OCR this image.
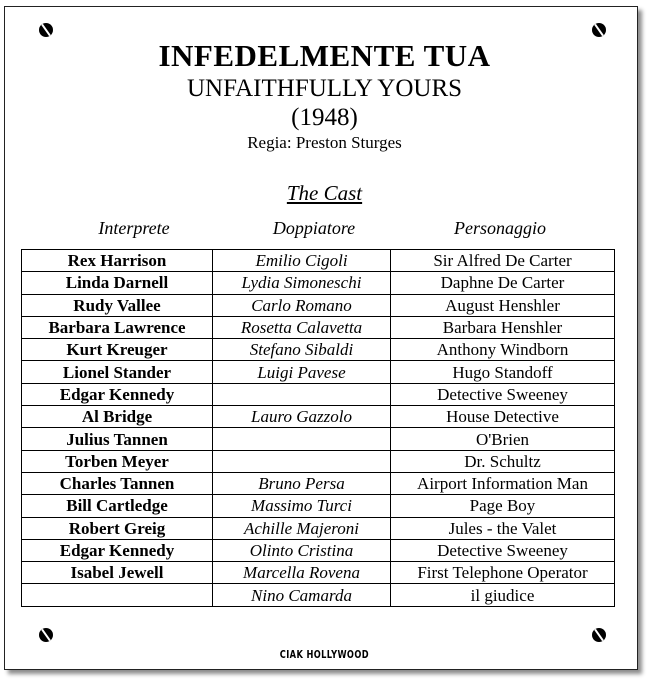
INFEDELMENTE TUA
UNFAITHFULLY YOURS
(1948)
Regia: Preston Sturges
The Cast
Interprete	Doppiatore	Personaggio
Rex Harrison	Emilio Cigoli	Sir Alfred De Carter
Linda Darnell	Lydia Simoneschi	Daphne De Carter
Rudy Vallee	Carlo Romano	August Henshler
Barbara Lawrence	Rosetta Calavetta	Barbara Henshler
Kurt Kreuger	Stefano Sibaldi	Anthony Windborn
Lionel Stander	Luigi Pavese	Hugo Standoff
Edgar Kennedy		Detective Sweeney
Al Bridge	Lauro Gazzolo	House Detective
Julius Tannen		O'Brien
Torben Meyer		Dr. Schultz
Charles Tannen	Bruno Persa	Airport Information Man
Bill Cartledge	Massimo Turci	Page Boy
Robert Greig	Achille Majeroni	Jules - the Valet
Edgar Kennedy	Olinto Cristina	Detective Sweeney
Isabel Jewell	Marcella Rovena	First Telephone Operator
	Nino Camarda	il giudice
CIAK HOLLYWOOD
